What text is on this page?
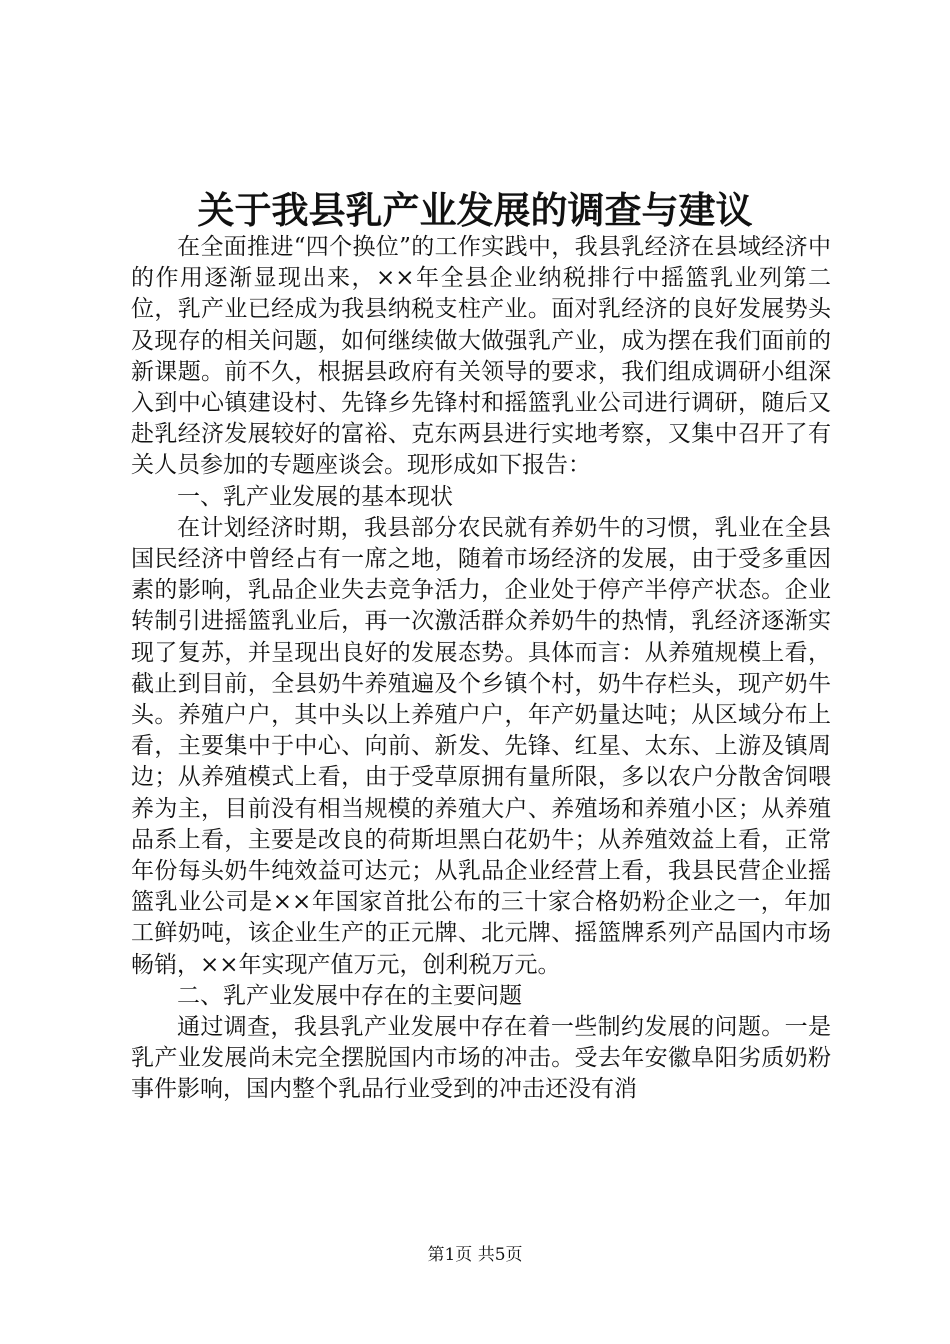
关于我县乳产业发展的调查与建议

在全面推进“四个换位”的工作实践中，我县乳经济在县域经济中的作用逐渐显现出来，××年全县企业纳税排行中摇篮乳业列第二位，乳产业已经成为我县纳税支柱产业。面对乳经济的良好发展势头及现存的相关问题，如何继续做大做强乳产业，成为摆在我们面前的新课题。前不久，根据县政府有关领导的要求，我们组成调研小组深入到中心镇建设村、先锋乡先锋村和摇篮乳业公司进行调研，随后又赴乳经济发展较好的富裕、克东两县进行实地考察，又集中召开了有关人员参加的专题座谈会。现形成如下报告：

一、乳产业发展的基本现状

在计划经济时期，我县部分农民就有养奶牛的习惯，乳业在全县国民经济中曾经占有一席之地，随着市场经济的发展，由于受多重因素的影响，乳品企业失去竞争活力，企业处于停产半停产状态。企业转制引进摇篮乳业后，再一次激活群众养奶牛的热情，乳经济逐渐实现了复苏，并呈现出良好的发展态势。具体而言：从养殖规模上看，截止到目前，全县奶牛养殖遍及个乡镇个村，奶牛存栏头，现产奶牛头。养殖户户，其中头以上养殖户户，年产奶量达吨；从区域分布上看，主要集中于中心、向前、新发、先锋、红星、太东、上游及镇周边；从养殖模式上看，由于受草原拥有量所限，多以农户分散舍饲喂养为主，目前没有相当规模的养殖大户、养殖场和养殖小区；从养殖品系上看，主要是改良的荷斯坦黑白花奶牛；从养殖效益上看，正常年份每头奶牛纯效益可达元；从乳品企业经营上看，我县民营企业摇篮乳业公司是××年国家首批公布的三十家合格奶粉企业之一，年加工鲜奶吨，该企业生产的正元牌、北元牌、摇篮牌系列产品国内市场畅销，××年实现产值万元，创利税万元。

二、乳产业发展中存在的主要问题

通过调查，我县乳产业发展中存在着一些制约发展的问题。一是乳产业发展尚未完全摆脱国内市场的冲击。受去年安徽阜阳劣质奶粉事件影响，国内整个乳品行业受到的冲击还没有消

第1页 共5页
